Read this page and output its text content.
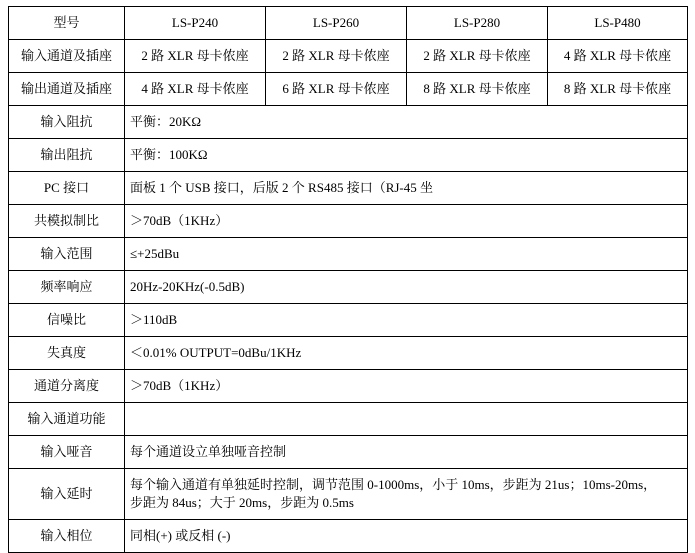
型号	LS-P240	LS-P260	LS-P280	LS-P480
输入通道及插座	2 路 XLR 母卡侬座	2 路 XLR 母卡侬座	2 路 XLR 母卡侬座	4 路 XLR 母卡侬座
输出通道及插座	4 路 XLR 母卡侬座	6 路 XLR 母卡侬座	8 路 XLR 母卡侬座	8 路 XLR 母卡侬座
输入阻抗	平衡：20KΩ			
输出阻抗	平衡：100KΩ			
PC 接口	面板 1 个 USB 接口，后版 2 个 RS485 接口（RJ-45 坐			
共模拟制比	＞70dB（1KHz）			
输入范围	≤+25dBu			
频率响应	20Hz-20KHz(-0.5dB)			
信噪比	＞110dB			
失真度	＜0.01% OUTPUT=0dBu/1KHz			
通道分离度	＞70dB（1KHz）			
输入通道功能				
输入哑音	每个通道设立单独哑音控制			
输入延时	每个输入通道有单独延时控制，调节范围 0-1000ms，小于 10ms，步距为 21us；10ms-20ms，
步距为 84us；大于 20ms，步距为 0.5ms			

输入相位	同相(+) 或反相 (-)			
